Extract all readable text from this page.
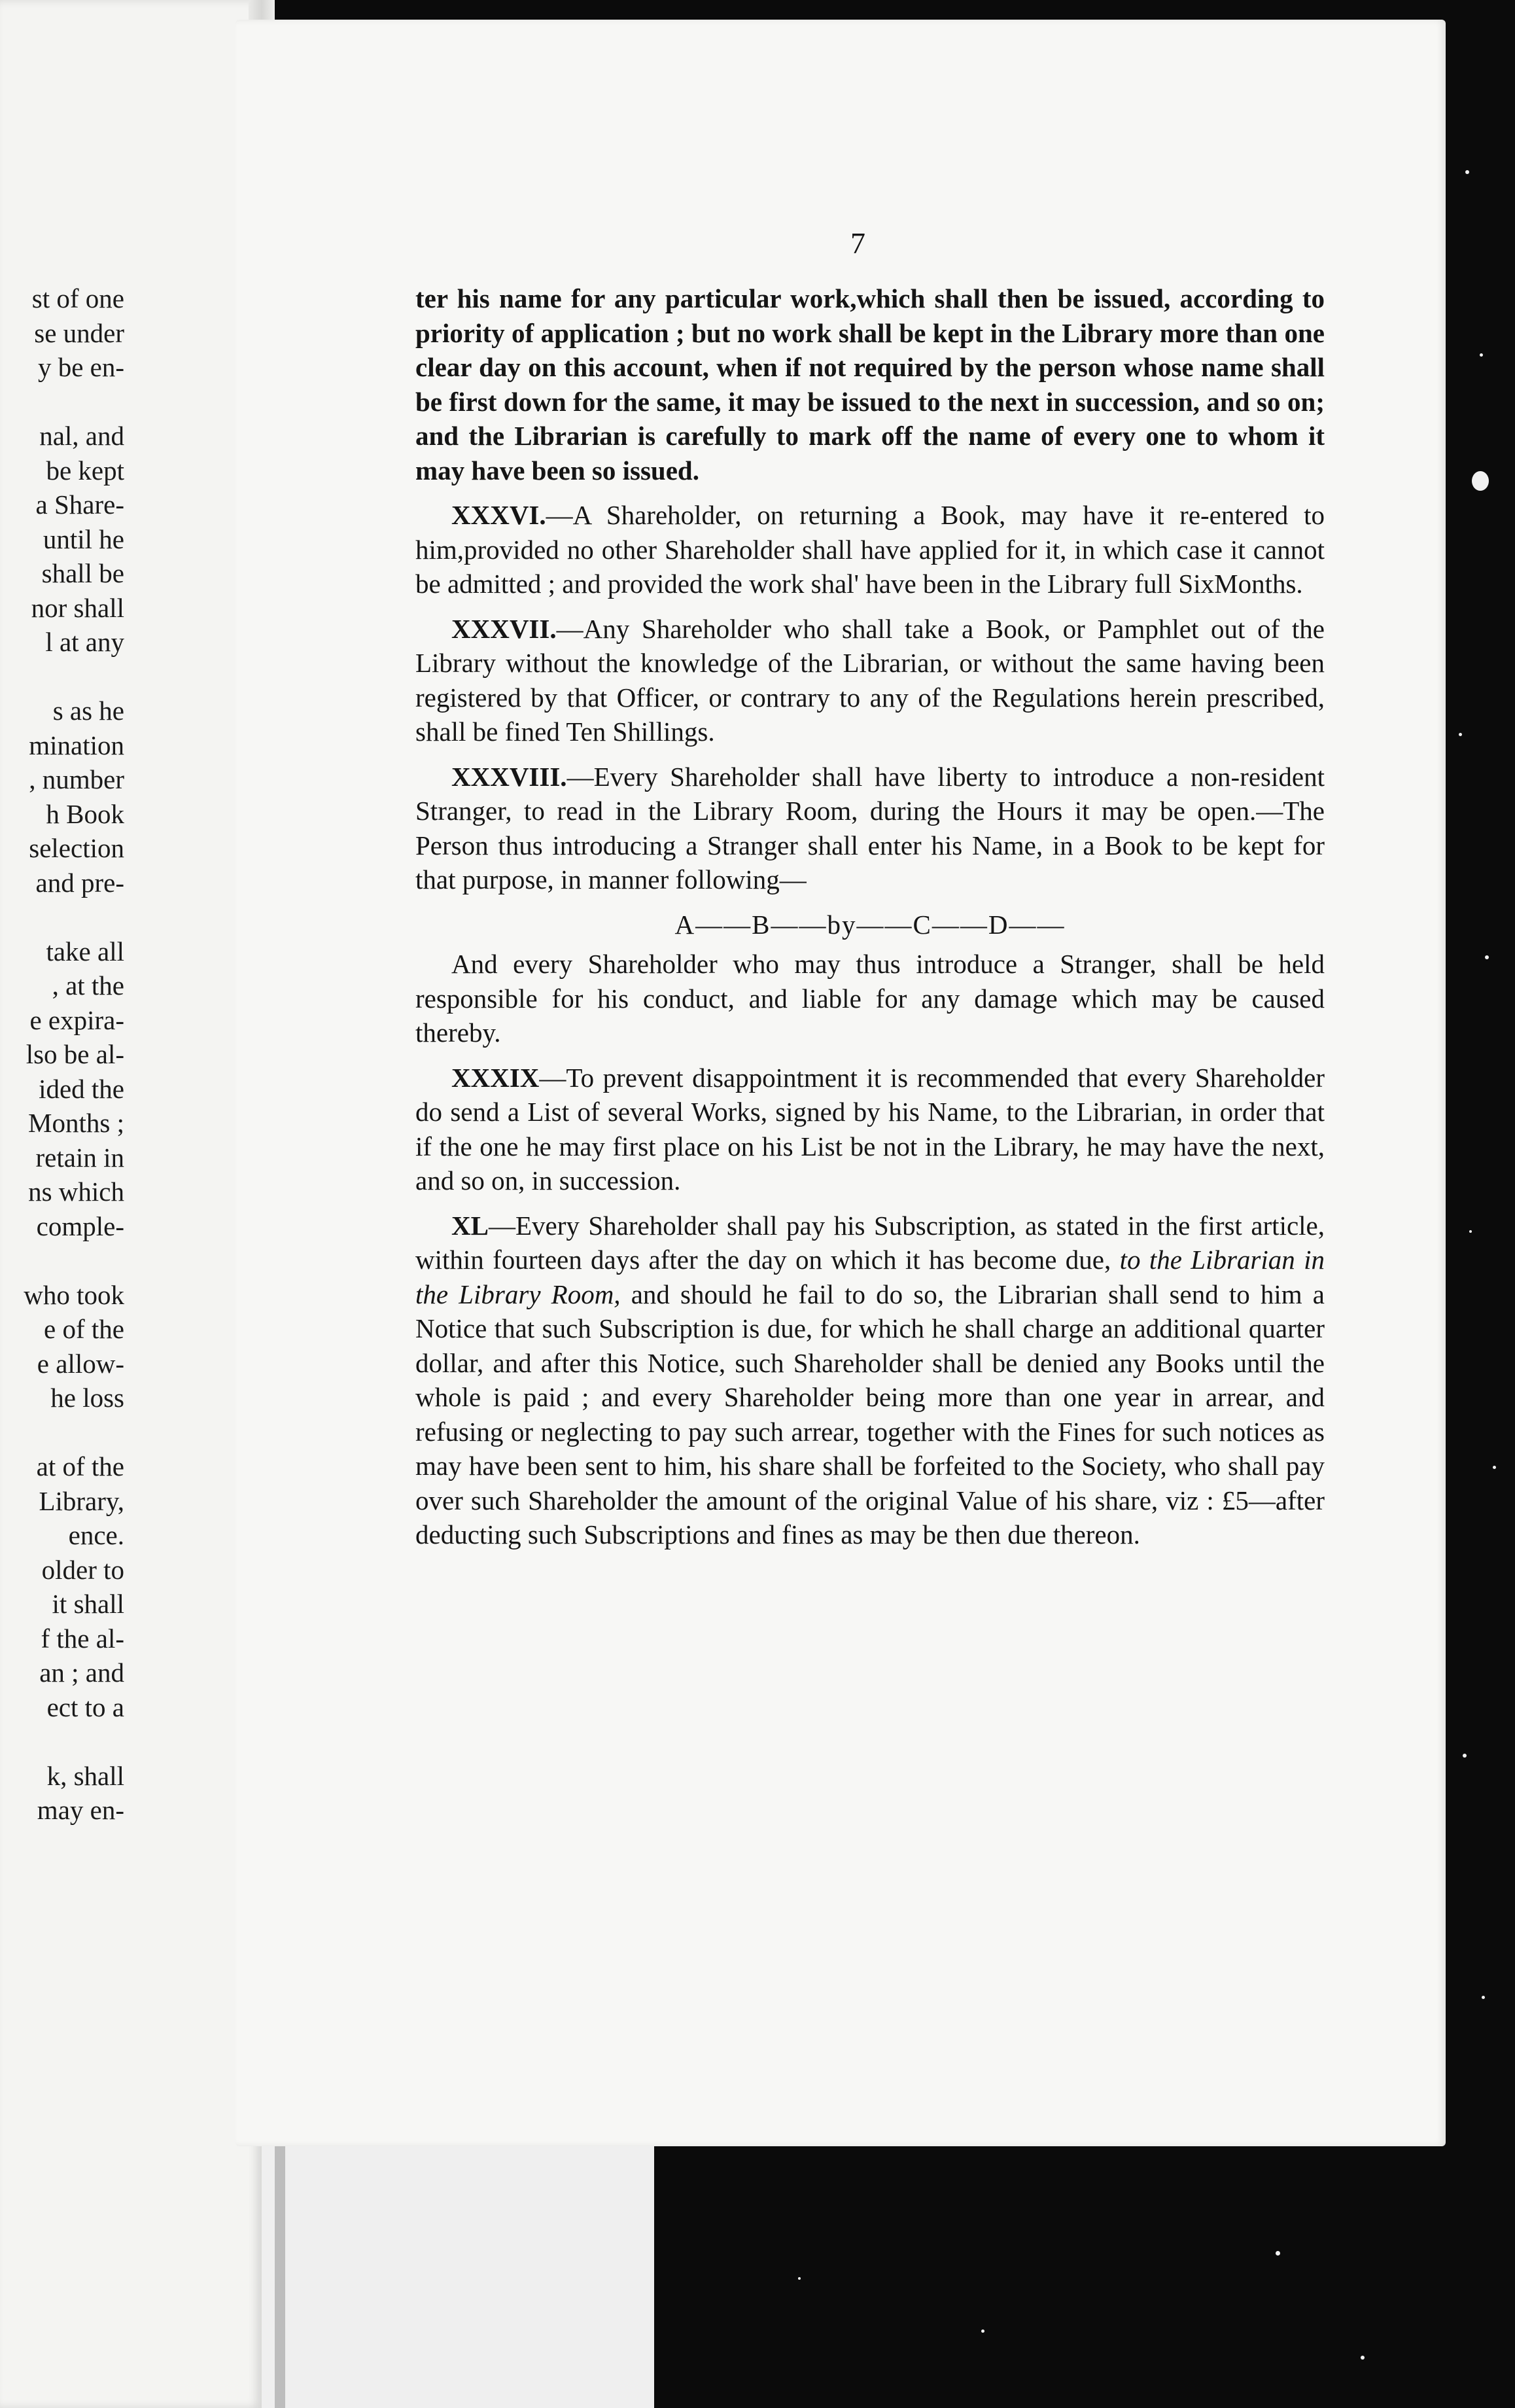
st of one
se under
y be en-
nal, and
be kept
a Share-
until he
shall be
nor shall
l at any
s as he
mination
, number
h Book
selection
and pre-
take all
, at the
e expira-
lso be al-
ided the
Months ;
retain in
ns which
comple-
who took
e of the
e allow-
he loss
at of the
Library,
ence.
older to
it shall
f the al-
an ; and
ect to a
k, shall
may en-
7

ter his name for any particular work,which shall then be issued, according to priority of application ; but no work shall be kept in the Library more than one clear day on this account, when if not required by the person whose name shall be first down for the same, it may be issued to the next in succession, and so on; and the Librarian is carefully to mark off the name of every one to whom it may have been so issued.

XXXVI.—A Shareholder, on returning a Book, may have it re-entered to him,provided no other Shareholder shall have applied for it, in which case it cannot be admitted ; and provided the work shal' have been in the Library full SixMonths.

XXXVII.—Any Shareholder who shall take a Book, or Pamphlet out of the Library without the knowledge of the Librarian, or without the same having been registered by that Officer, or contrary to any of the Regulations herein prescribed, shall be fined Ten Shillings.

XXXVIII.—Every Shareholder shall have liberty to introduce a non-resident Stranger, to read in the Library Room, during the Hours it may be open.—The Person thus introducing a Stranger shall enter his Name, in a Book to be kept for that purpose, in manner following—

A——B——by——C——D——

And every Shareholder who may thus introduce a Stranger, shall be held responsible for his conduct, and liable for any damage which may be caused thereby.

XXXIX—To prevent disappointment it is recommended that every Shareholder do send a List of several Works, signed by his Name, to the Librarian, in order that if the one he may first place on his List be not in the Library, he may have the next, and so on, in succession.

XL—Every Shareholder shall pay his Subscription, as stated in the first article, within fourteen days after the day on which it has become due, to the Librarian in the Library Room, and should he fail to do so, the Librarian shall send to him a Notice that such Subscription is due, for which he shall charge an additional quarter dollar, and after this Notice, such Shareholder shall be denied any Books until the whole is paid ; and every Shareholder being more than one year in arrear, and refusing or neglecting to pay such arrear, together with the Fines for such notices as may have been sent to him, his share shall be forfeited to the Society, who shall pay over such Shareholder the amount of the original Value of his share, viz : £5—after deducting such Subscriptions and fines as may be then due thereon.
